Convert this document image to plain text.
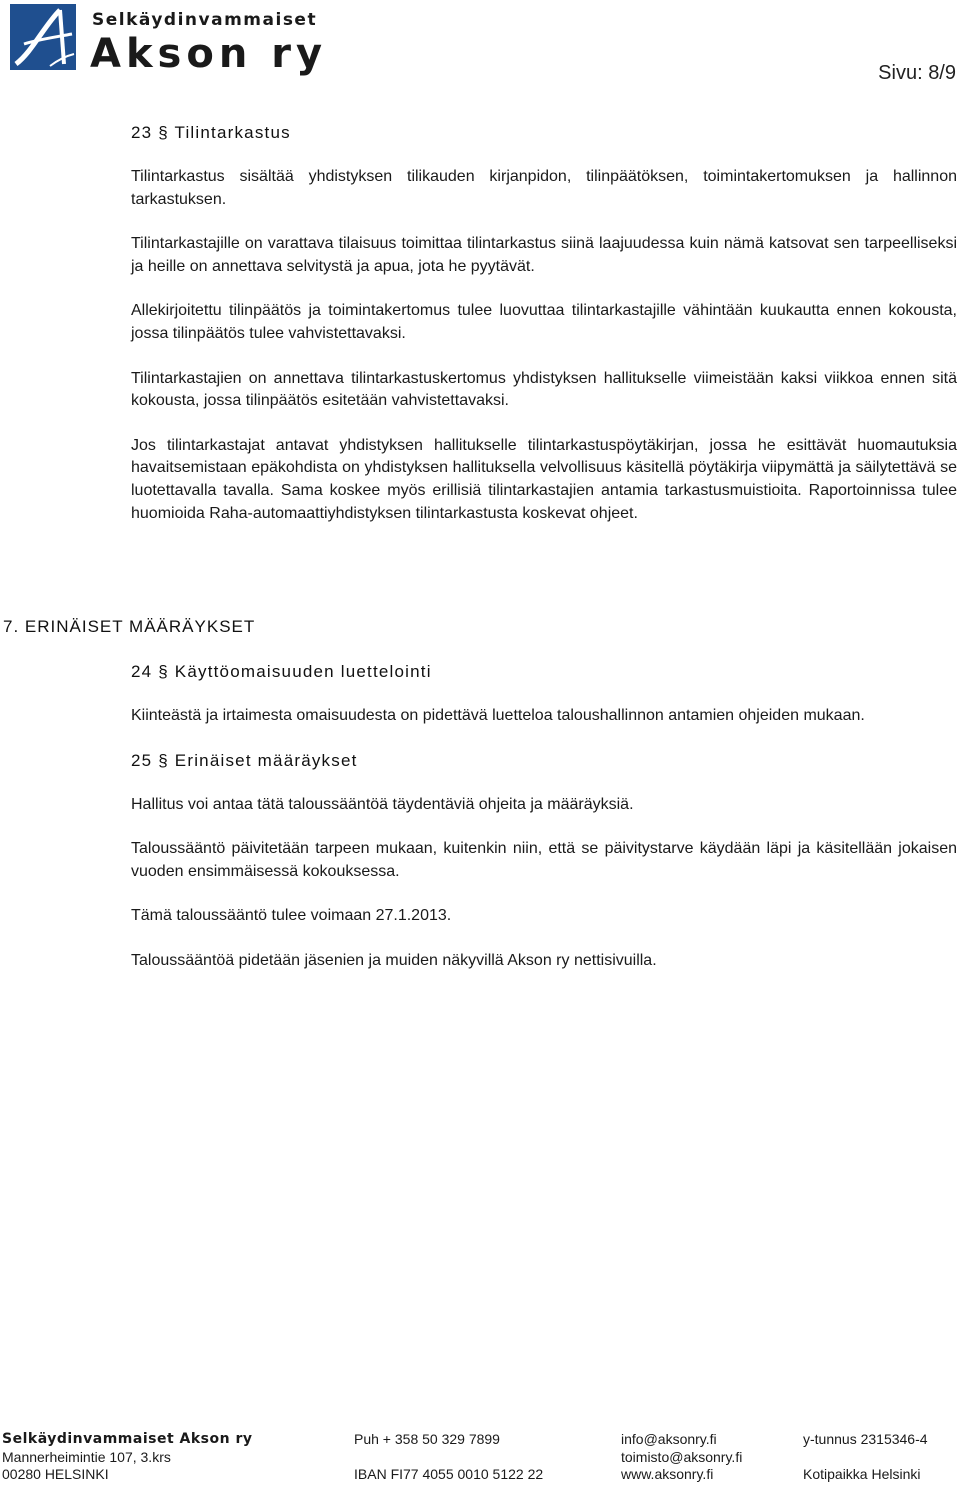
Selkäydinvammaiset
Akson ry	Sivu: 8/9
23 § Tilintarkastus

Tilintarkastus sisältää yhdistyksen tilikauden kirjanpidon, tilinpäätöksen, toimintakertomuksen ja hallinnon tarkastuksen.

Tilintarkastajille on varattava tilaisuus toimittaa tilintarkastus siinä laajuudessa kuin nämä katsovat sen tarpeelliseksi ja heille on annettava selvitystä ja apua, jota he pyytävät.

Allekirjoitettu tilinpäätös ja toimintakertomus tulee luovuttaa tilintarkastajille vähintään kuukautta ennen kokousta, jossa tilinpäätös tulee vahvistettavaksi.

Tilintarkastajien on annettava tilintarkastuskertomus yhdistyksen hallitukselle viimeistään kaksi viikkoa ennen sitä kokousta, jossa tilinpäätös esitetään vahvistettavaksi.

Jos tilintarkastajat antavat yhdistyksen hallitukselle tilintarkastuspöytäkirjan, jossa he esittävät huomautuksia havaitsemistaan epäkohdista on yhdistyksen hallituksella velvollisuus käsitellä pöytäkirja viipymättä ja säilytettävä se luotettavalla tavalla. Sama koskee myös erillisiä tilintarkastajien antamia tarkastusmuistioita. Raportoinnissa tulee huomioida Raha-automaattiyhdistyksen tilintarkastusta koskevat ohjeet.

7. ERINÄISET MÄÄRÄYKSET
24 § Käyttöomaisuuden luettelointi

Kiinteästä ja irtaimesta omaisuudesta on pidettävä luetteloa taloushallinnon antamien ohjeiden mukaan.

25 § Erinäiset määräykset

Hallitus voi antaa tätä taloussääntöä täydentäviä ohjeita ja määräyksiä.

Taloussääntö päivitetään tarpeen mukaan, kuitenkin niin, että se päivitystarve käydään läpi ja käsitellään jokaisen vuoden ensimmäisessä kokouksessa.

Tämä taloussääntö tulee voimaan 27.1.2013.

Taloussääntöä pidetään jäsenien ja muiden näkyvillä Akson ry nettisivuilla.

Selkäydinvammaiset Akson ry
Mannerheimintie 107, 3.krs
00280 HELSINKI
Puh + 358 50 329 7899
IBAN FI77 4055 0010 5122 22
info@aksonry.fi
toimisto@aksonry.fi
www.aksonry.fi
y-tunnus 2315346-4
Kotipaikka Helsinki
